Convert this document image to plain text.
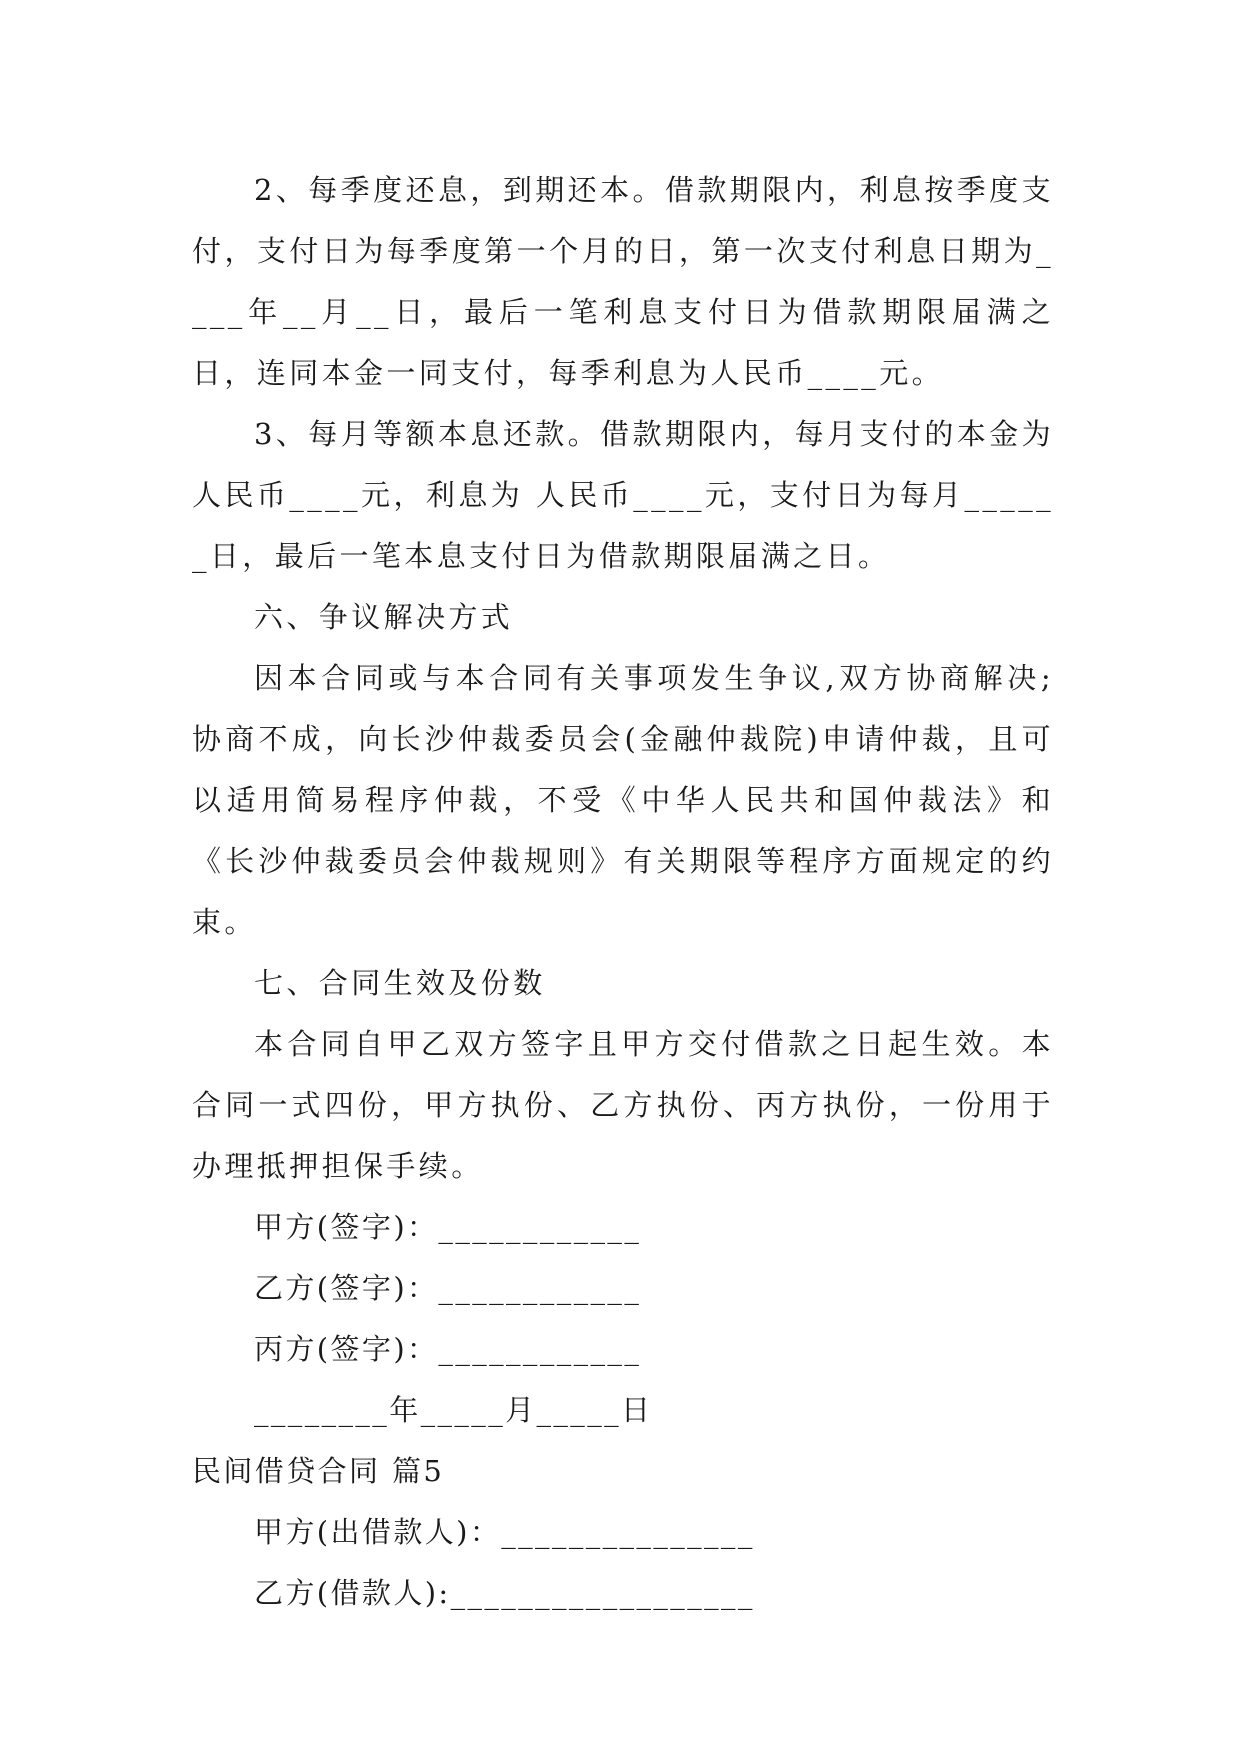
2、每季度还息，到期还本。借款期限内，利息按季度支付，支付日为每季度第一个月的日，第一次支付利息日期为____年__月__日，最后一笔利息支付日为借款期限届满之日，连同本金一同支付，每季利息为人民币____元。

3、每月等额本息还款。借款期限内，每月支付的本金为人民币____元，利息为 人民币____元，支付日为每月______日，最后一笔本息支付日为借款期限届满之日。

六、争议解决方式

因本合同或与本合同有关事项发生争议,双方协商解决;协商不成，向长沙仲裁委员会(金融仲裁院)申请仲裁，且可以适用简易程序仲裁，不受《中华人民共和国仲裁法》和《长沙仲裁委员会仲裁规则》有关期限等程序方面规定的约束。

七、合同生效及份数

本合同自甲乙双方签字且甲方交付借款之日起生效。本合同一式四份，甲方执份、乙方执份、丙方执份，一份用于办理抵押担保手续。

甲方(签字)：____________

乙方(签字)：____________

丙方(签字)：____________

________年_____月_____日

民间借贷合同 篇5

甲方(出借款人)：_______________

乙方(借款人):__________________
